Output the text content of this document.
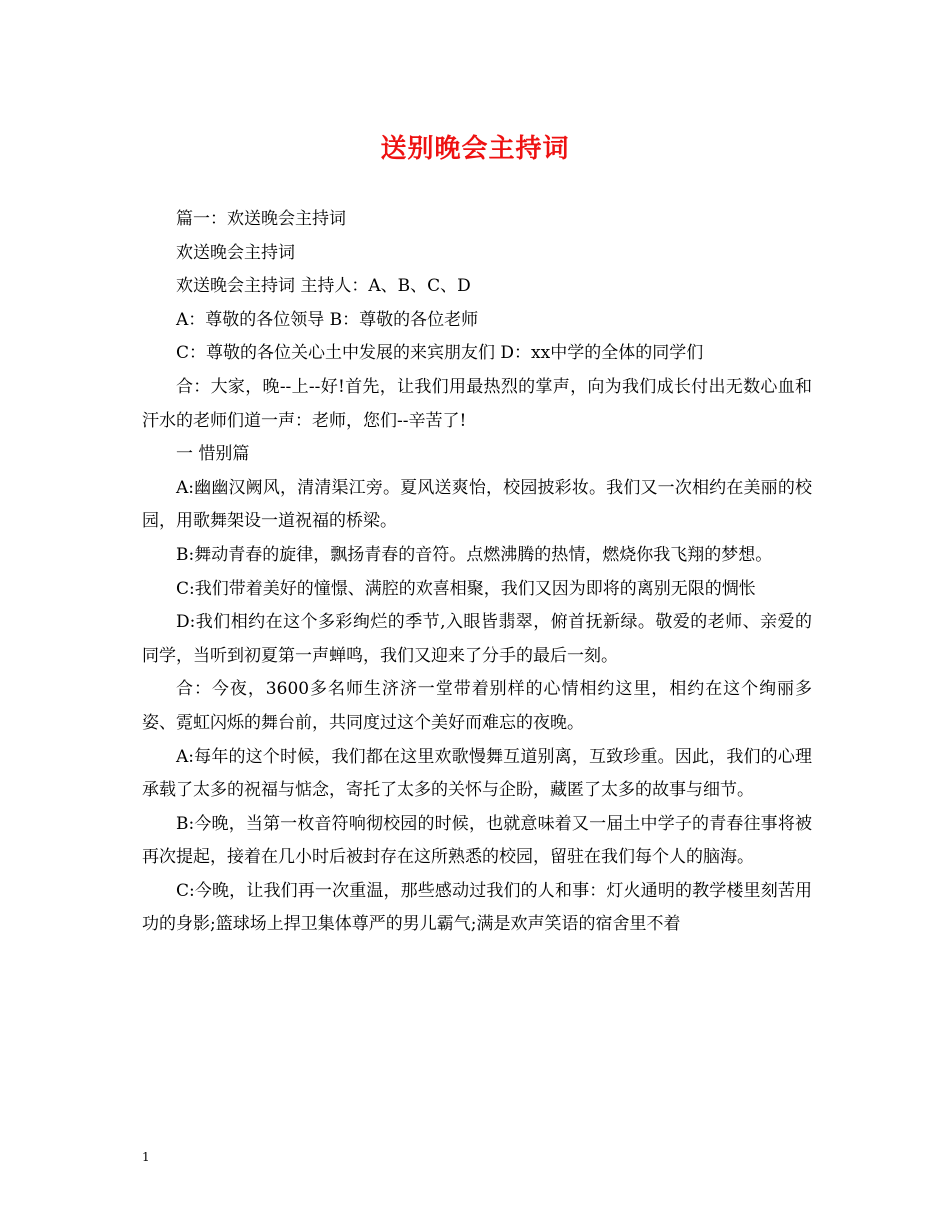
送别晚会主持词

篇一：欢送晚会主持词

欢送晚会主持词

欢送晚会主持词 主持人：A、B、C、D

A：尊敬的各位领导 B：尊敬的各位老师

C：尊敬的各位关心土中发展的来宾朋友们 D：xx中学的全体的同学们

合：大家，晚--上--好!首先，让我们用最热烈的掌声，向为我们成长付出无数心血和汗水的老师们道一声：老师，您们--辛苦了!

一 惜别篇

A:幽幽汉阙风，清清渠江旁。夏风送爽怡，校园披彩妆。我们又一次相约在美丽的校园，用歌舞架设一道祝福的桥梁。

B:舞动青春的旋律，飘扬青春的音符。点燃沸腾的热情，燃烧你我飞翔的梦想。

C:我们带着美好的憧憬、满腔的欢喜相聚，我们又因为即将的离别无限的惆怅

D:我们相约在这个多彩绚烂的季节,入眼皆翡翠，俯首抚新绿。敬爱的老师、亲爱的同学，当听到初夏第一声蝉鸣，我们又迎来了分手的最后一刻。

合：今夜，3600多名师生济济一堂带着别样的心情相约这里，相约在这个绚丽多姿、霓虹闪烁的舞台前，共同度过这个美好而难忘的夜晚。

A:每年的这个时候，我们都在这里欢歌慢舞互道别离，互致珍重。因此，我们的心理承载了太多的祝福与惦念，寄托了太多的关怀与企盼，藏匿了太多的故事与细节。

B:今晚，当第一枚音符响彻校园的时候，也就意味着又一届土中学子的青春往事将被再次提起，接着在几小时后被封存在这所熟悉的校园，留驻在我们每个人的脑海。

C:今晚，让我们再一次重温，那些感动过我们的人和事：灯火通明的教学楼里刻苦用功的身影;篮球场上捍卫集体尊严的男儿霸气;满是欢声笑语的宿舍里不着

1
